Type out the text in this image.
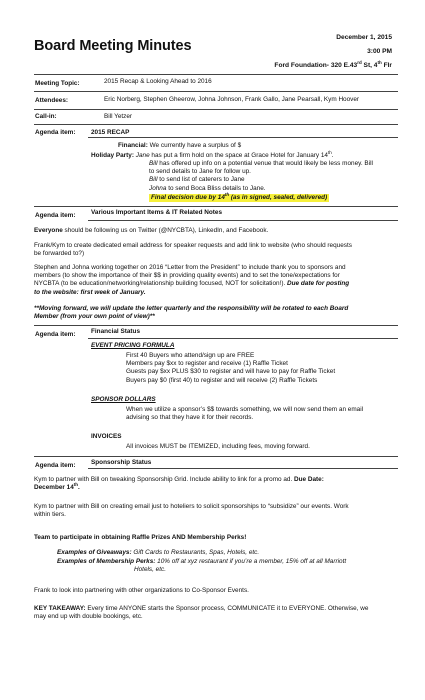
Board Meeting Minutes
December 1, 2015
3:00 PM
Ford Foundation- 320 E.43rd St, 4th Flr
Meeting Topic:	2015 Recap & Looking Ahead to 2016
Attendees:	Eric Norberg, Stephen Gheerow, Johna Johnson, Frank Gallo, Jane Pearsall, Kym Hoover
Call-in:	Bill Yetzer
Agenda item: 2015 RECAP
Financial: We currently have a surplus of $
Holiday Party: Jane has put a firm hold on the space at Grace Hotel for January 14th.
Bill has offered up info on a potential venue that would likely be less money. Bill
to send details to Jane for follow up.
Bill to send list of caterers to Jane
Johna to send Boca Bliss details to Jane.
Final decision due by 14th (as in signed, sealed, delivered)
Agenda item: Various Important Items & IT Related Notes
Everyone should be following us on Twitter (@NYCBTA), LinkedIn, and Facebook.
Frank/Kym to create dedicated email address for speaker requests and add link to website (who should requests
be forwarded to?)
Stephen and Johna working together on 2016 “Letter from the President” to include thank you to sponsors and
members (to show the importance of their $$ in providing quality events) and to set the tone/expectations for
NYCBTA (to be education/networking/relationship building focused, NOT for solicitation!). Due date for posting
to the website: first week of January.
**Moving forward, we will update the letter quarterly and the responsibility will be rotated to each Board
Member (from your own point of view)**
Agenda item: Financial Status
EVENT PRICING FORMULA
First 40 Buyers who attend/sign up are FREE
Members pay $xx to register and receive (1) Raffle Ticket
Guests pay $xx PLUS $30 to register and will have to pay for Raffle Ticket
Buyers pay $0 (first 40) to register and will receive (2) Raffle Tickets
SPONSOR DOLLARS
When we utilize a sponsor’s $$ towards something, we will now send them an email
advising so that they have it for their records.
INVOICES
All invoices MUST be ITEMIZED, including fees, moving forward.
Agenda item: Sponsorship Status
Kym to partner with Bill on tweaking Sponsorship Grid. Include ability to link for a promo ad. Due Date:
December 14th.
Kym to partner with Bill on creating email just to hoteliers to solicit sponsorships to “subsidize” our events. Work
within tiers.
Team to participate in obtaining Raffle Prizes AND Membership Perks!
Examples of Giveaways: Gift Cards to Restaurants, Spas, Hotels, etc.
Examples of Membership Perks: 10% off at xyz restaurant if you’re a member, 15% off at all Marriott
Hotels, etc.
Frank to look into partnering with other organizations to Co-Sponsor Events.
KEY TAKEAWAY: Every time ANYONE starts the Sponsor process, COMMUNICATE it to EVERYONE. Otherwise, we
may end up with double bookings, etc.
